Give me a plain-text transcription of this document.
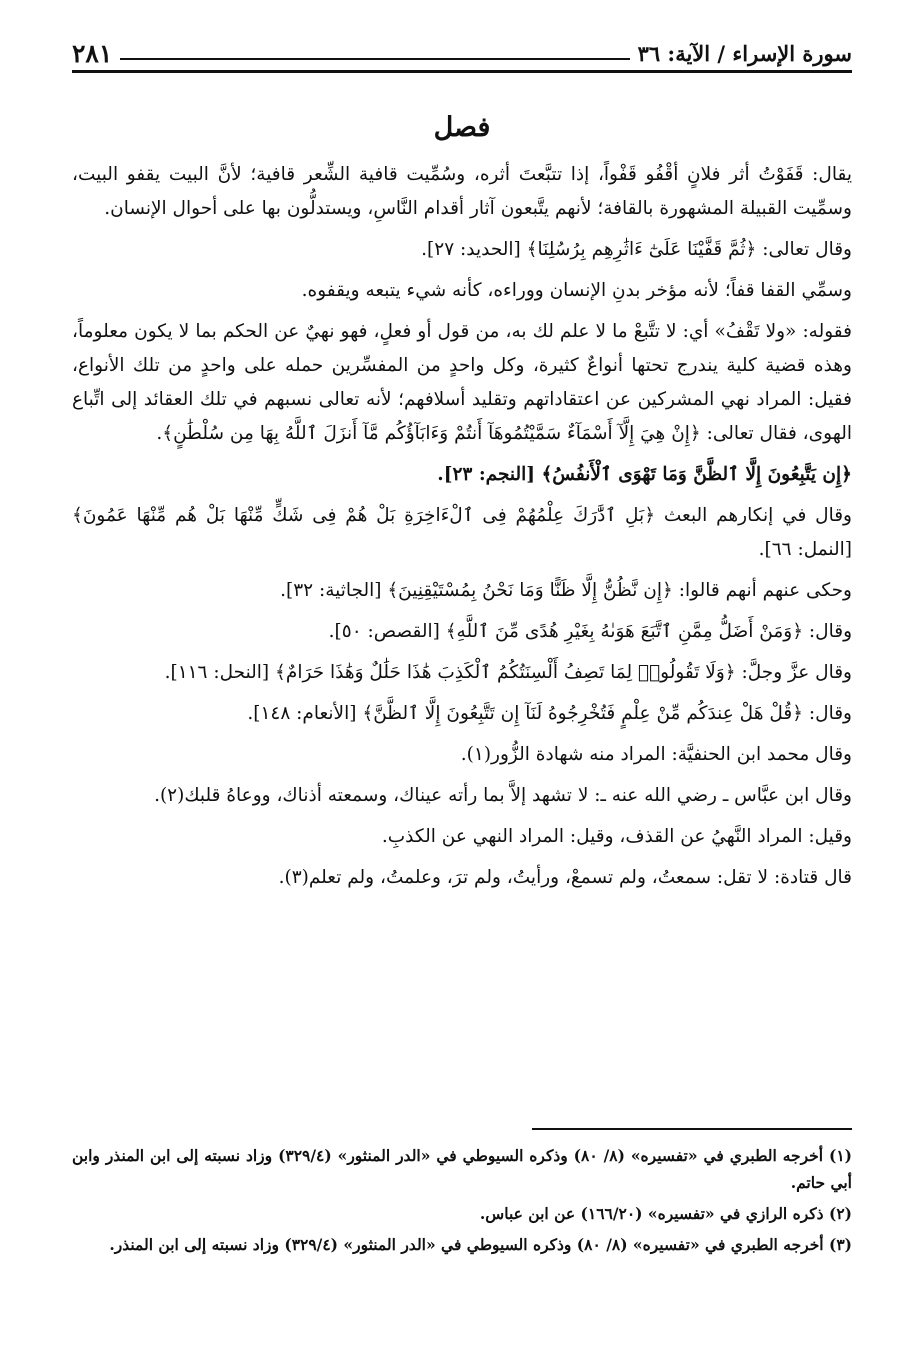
سورة الإسراء / الآية: ٣٦
٢٨١
فصل

يقال: قَفَوْتُ أثر فلانٍ أقْفُو قَفْواً، إذا تتبَّعتَ أثره، وسُمِّيت قافية الشِّعر قافية؛ لأنَّ البيت يقفو البيت، وسمِّيت القبيلة المشهورة بالقافة؛ لأنهم يتَّبعون آثار أقدام النَّاسِ، ويستدلُّون بها على أحوال الإنسان.

وقال تعالى: ﴿ثُمَّ قَفَّيْنَا عَلَىٰٓ ءَاثَٰرِهِم بِرُسُلِنَا﴾ [الحديد: ٢٧].

وسمِّي القفا قفاً؛ لأنه مؤخر بدنِ الإنسان ووراءه، كأنه شيء يتبعه ويقفوه.

فقوله: «ولا تَقْفُ» أي: لا تتَّبعْ ما لا علم لك به، من قول أو فعلٍ، فهو نهيٌ عن الحكم بما لا يكون معلوماً، وهذه قضية كلية يندرج تحتها أنواعٌ كثيرة، وكل واحدٍ من المفسِّرين حمله على واحدٍ من تلك الأنواع، فقيل: المراد نهي المشركين عن اعتقاداتهم وتقليد أسلافهم؛ لأنه تعالى نسبهم في تلك العقائد إلى اتِّباع الهوى، فقال تعالى: ﴿إِنْ هِيَ إِلَّآ أَسْمَآءٌ سَمَّيْتُمُوهَآ أَنتُمْ وَءَابَآؤُكُم مَّآ أَنزَلَ ٱللَّهُ بِهَا مِن سُلْطَٰنٍ﴾.

﴿إِن يَتَّبِعُونَ إِلَّا ٱلظَّنَّ وَمَا تَهْوَى ٱلْأَنفُسُ﴾ [النجم: ٢٣].

وقال في إنكارهم البعث ﴿بَلِ ٱدَّٰرَكَ عِلْمُهُمْ فِى ٱلْءَاخِرَةِ بَلْ هُمْ فِى شَكٍّ مِّنْهَا بَلْ هُم مِّنْهَا عَمُونَ﴾ [النمل: ٦٦].

وحكى عنهم أنهم قالوا: ﴿إِن نَّظُنُّ إِلَّا ظَنًّا وَمَا نَحْنُ بِمُسْتَيْقِنِينَ﴾ [الجاثية: ٣٢].

وقال: ﴿وَمَنْ أَضَلُّ مِمَّنِ ٱتَّبَعَ هَوَىٰهُ بِغَيْرِ هُدًى مِّنَ ٱللَّهِ﴾ [القصص: ٥٠].

وقال عزَّ وجلَّ: ﴿وَلَا تَقُولُوا۟ لِمَا تَصِفُ أَلْسِنَتُكُمُ ٱلْكَذِبَ هَٰذَا حَلَٰلٌ وَهَٰذَا حَرَامٌ﴾ [النحل: ١١٦].

وقال: ﴿قُلْ هَلْ عِندَكُم مِّنْ عِلْمٍ فَتُخْرِجُوهُ لَنَآ إِن تَتَّبِعُونَ إِلَّا ٱلظَّنَّ﴾ [الأنعام: ١٤٨].

وقال محمد ابن الحنفيَّة: المراد منه شهادة الزُّور(١).

وقال ابن عبَّاس ـ رضي الله عنه ـ: لا تشهد إلاَّ بما رأته عيناك، وسمعته أذناك، ووعاهُ قلبك(٢).

وقيل: المراد النَّهيُ عن القذف، وقيل: المراد النهي عن الكذبِ.

قال قتادة: لا تقل: سمعتُ، ولم تسمعْ، ورأيتُ، ولم ترَ، وعلمتُ، ولم تعلم(٣).

(١) أخرجه الطبري في «تفسيره» (٨/ ٨٠) وذكره السيوطي في «الدر المنثور» (٣٢٩/٤) وزاد نسبته إلى ابن المنذر وابن أبي حاتم.

(٢) ذكره الرازي في «تفسيره» (١٦٦/٢٠) عن ابن عباس.

(٣) أخرجه الطبري في «تفسيره» (٨/ ٨٠) وذكره السيوطي في «الدر المنثور» (٣٢٩/٤) وزاد نسبته إلى ابن المنذر.
